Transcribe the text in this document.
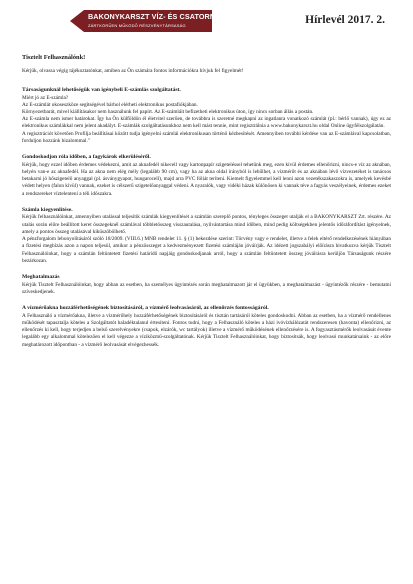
BAKONYKARSZT VÍZ- ÉS CSATORNAMŰ
ZÁRTKÖRŰEN MŰKÖDŐ RÉSZVÉNYTÁRSASÁG	Hírlevél 2017. 2.
Tisztelt Felhasználónk!
Kérjük, olvassa végig tájékoztatónkat, amiben az Ön számára fontos információkra hívjuk fel figyelmét!
Társaságunknál lehetőségük van igénybeli E-számlás szolgáltatást.

Miért jó az E-számla?

Az E-számlát okoseszköze segítségével bárhol elérheti elektronikus postafiókjában.

Környezetbarát, mivel kiállításakor nem használunk fel papírt. Az E-számláit befizetheti elektronikus úton, így nincs sorban állás a postán.

Az E-számla nem ismer határokat. Így ha Ön külföldön él életvitel szerűen, de továbbra is szeretné megkapni az ingatlanra vonatkozó számlát (pl.: bérlő vannak), úgy ez az elektronikus számlákkal nem jelent akadályt. E-számlák szolgáltatásunkhoz nem kell mást tennie, mint regisztrálnia a www.bakonykarszt.hu oldal Online ügyfélszolgálatán.

A regisztrációt követően Profilja beállításai között tudja igényelni számlái elektronikusan történő kézbesítését. Amennyiben további kérdése van az E-számlával kapcsolatban, forduljon hozzánk bizalommal."

Gondoskodjon róla időben, a fagykárok elkerüléséről.

Kérjük, hogy ezzel időben érdemes védekezni, amit az aknafedél nikecell vagy kartonpapír szigeteléssel tehetünk meg, ezen kívül érdemes ellenőrizni, nincs-e víz az aknában, helyén van-e az aknafedél. Ha az akna nem elég mély (legalább 90 cm), vagy ha az akna oldal irányból is lehűlhet, a vízmérőt és az aknában lévő vízvezetéket is tanácsos betakarni jó hőszigetelő anyaggal (pl. ásványgyapot, hungarocell), majd arra PVC fóliát teríteni. Kiemelt figyelemmel kell lenni azon vezetékszakaszokra is, amelyek kevésbé védett helyen (falon kívül) vannak, ezeket is célszerű szigetelőanyaggal védeni. A nyaralók, vagy vidéki házak különösen ki vannak téve a fagyás veszélyeinek, érdemes ezeket a rendszereket víztelenteni a téli időszakra.

Számla kiegyenlítése.

Kérjük felhasználóinkat, amennyiben utalással teljesítik számlák kiegyenlítését a számlán szereplő pontos, tényleges összeget utalják el a BAKONYKARSZT Zrt. részére. Az utalás során előre beállított keret összegeknél számlával többletösszeg visszautalása, nyilvántartása mind időben, mind pedig költségekben jelentős időráfordítást igényelnek, amely a pontos összeg utalásával kiküszöbölhető.

A pénzforgalom lebonyolításáról szóló 18/2009. (VIII.6.) MNB rendelet 11. § (1) bekezdése szerint: Törvény vagy e rendelet, illetve a felek eltérő rendelkezésének hiányában a fizetési megbízás azon a napon teljesül, amikor a pénzösszeget a kedvezményezett fizetési számláján jóváírják. Az idézett jogszabályi előírásra hivatkozva kérjük Tisztelt Felhasználóinkat, hogy a számlán feltüntetett fizetési határidő napjáig gondoskodjanak arról, hogy a számlán feltüntetett összeg jóváírásra kerüljön Társaságunk részére bezárkozan.

Meghatalmazás

Kérjük Tisztelt Felhasználóinkat, hogy abban az esetben, ha személyes ügyintézés során meghatalmazott jár el ügyükben, a meghatalmazást - ügyintézők részére - bemutatni szíveskedjenek.

A vízmérőakna hozzáférhetőségének biztosításáról, a vízmérő leolvasásáról, az ellenőrzés fontosságáról.

A Felhasználó a vízmérőakna, illetve a vízmérőhely hozzáférhetőségének biztosításáról és tisztán tartásáról köteles gondoskodni. Abban az esetben, ha a vízmérő rendellenes működését tapasztalja köteles a Szolgáltatót haladéktalanul értesíteni. Fontos tudni, hogy a Felhasználó köteles a házi ivóvízhálózatát rendszeresen (havonta) ellenőrizni, az ellenőrzés ki kell, hogy terjedjen a belső szerelvényekre (csapok, elzárók, wc tartályok) illetve a vízmérő működésének ellenőrzésére is. A fogyasztásmérők leolvasását évente legalább egy alkalommal kötelezően el kell végezze a víziközmű-szolgáltatónak. Kérjük Tisztelt Felhasználóinkat, hogy biztosítsák, hogy leolvasó munkatársaink - az előre meghatározott időpontban - a vízmérő leolvasását elvégezhessék.
